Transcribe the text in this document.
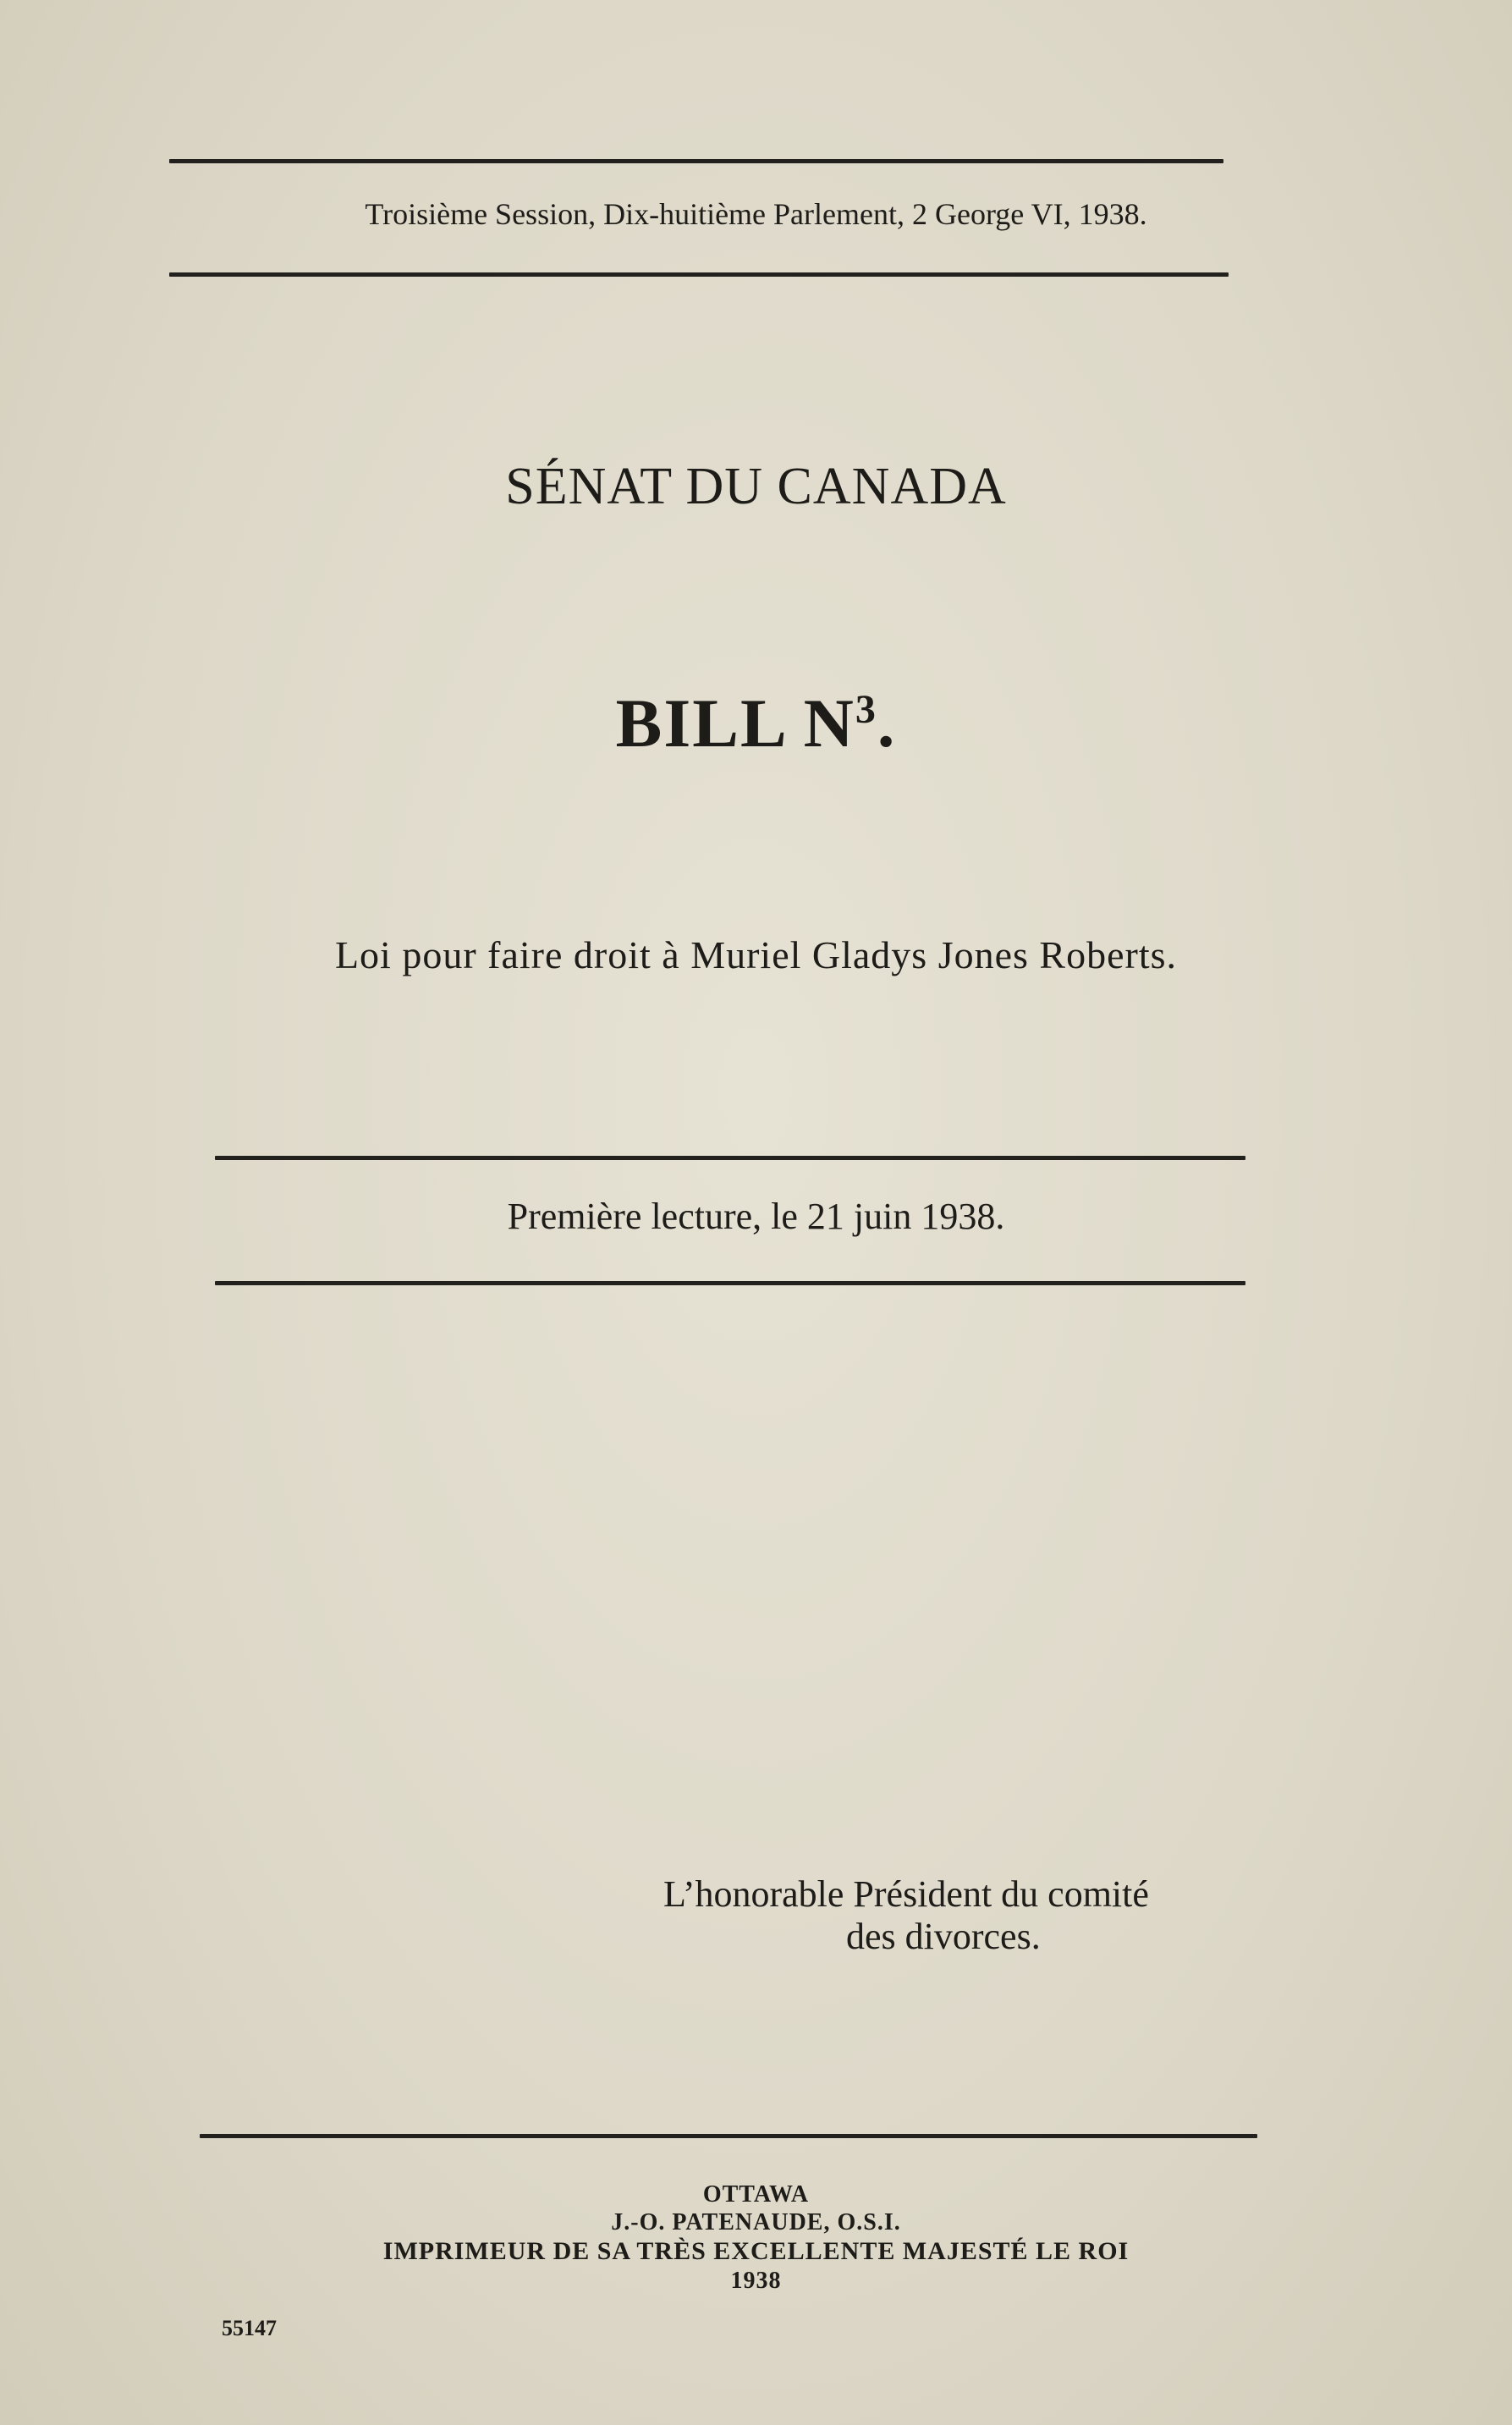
Troisième Session, Dix-huitième Parlement, 2 George VI, 1938.
SÉNAT DU CANADA
BILL $N^3$.
Loi pour faire droit à Muriel Gladys Jones Roberts.
Première lecture, le 21 juin 1938.
L’honorable Président du comité
des divorces.
OTTAWA
J.-O. PATENAUDE, O.S.I.
IMPRIMEUR DE SA TRÈS EXCELLENTE MAJESTÉ LE ROI
1938
55147
